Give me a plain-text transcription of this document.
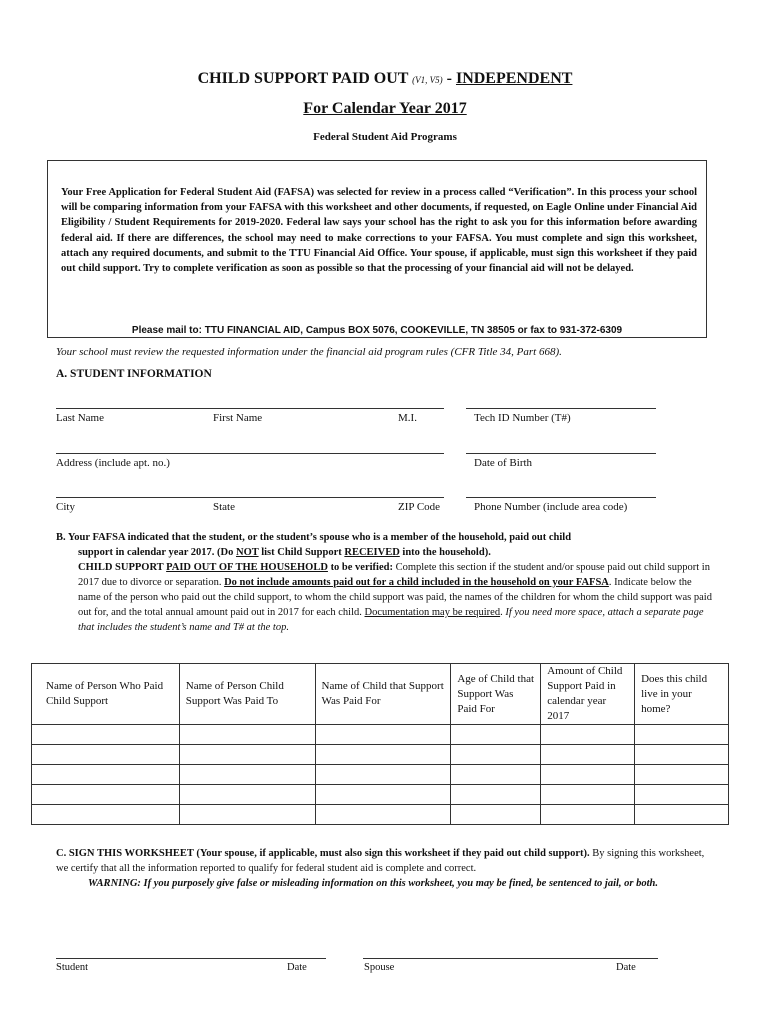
CHILD SUPPORT PAID OUT (V1, V5) - INDEPENDENT
For Calendar Year 2017
Federal Student Aid Programs
Your Free Application for Federal Student Aid (FAFSA) was selected for review in a process called “Verification”. In this process your school will be comparing information from your FAFSA with this worksheet and other documents, if requested, on Eagle Online under Financial Aid Eligibility / Student Requirements for 2019-2020. Federal law says your school has the right to ask you for this information before awarding federal aid. If there are differences, the school may need to make corrections to your FAFSA. You must complete and sign this worksheet, attach any required documents, and submit to the TTU Financial Aid Office. Your spouse, if applicable, must sign this worksheet if they paid out child support. Try to complete verification as soon as possible so that the processing of your financial aid will not be delayed.
Please mail to: TTU FINANCIAL AID, Campus BOX 5076, COOKEVILLE, TN 38505 or fax to 931-372-6309
Your school must review the requested information under the financial aid program rules (CFR Title 34, Part 668).
A. STUDENT INFORMATION
Last Name	First Name	M.I.	Tech ID Number (T#)
Address (include apt. no.)	Date of Birth
City	State	ZIP Code	Phone Number (include area code)
B. Your FAFSA indicated that the student, or the student’s spouse who is a member of the household, paid out child
support in calendar year 2017. (Do NOT list Child Support RECEIVED into the household).
CHILD SUPPORT PAID OUT OF THE HOUSEHOLD to be verified: Complete this section if the student and/or spouse paid out child support in 2017 due to divorce or separation. Do not include amounts paid out for a child included in the household on your FAFSA. Indicate below the name of the person who paid out the child support, to whom the child support was paid, the names of the children for whom the child support was paid out for, and the total annual amount paid out in 2017 for each child. Documentation may be required. If you need more space, attach a separate page that includes the student’s name and T# at the top.
Name of Person Who Paid Child Support	Name of Person Child Support Was Paid To	Name of Child that Support Was Paid For	Age of Child that Support Was Paid For	Amount of Child Support Paid in calendar year 2017	Does this child live in your home?

C. SIGN THIS WORKSHEET (Your spouse, if applicable, must also sign this worksheet if they paid out child support). By signing this worksheet, we certify that all the information reported to qualify for federal student aid is complete and correct.
WARNING: If you purposely give false or misleading information on this worksheet, you may be fined, be sentenced to jail, or both.
Student	Date	Spouse	Date
